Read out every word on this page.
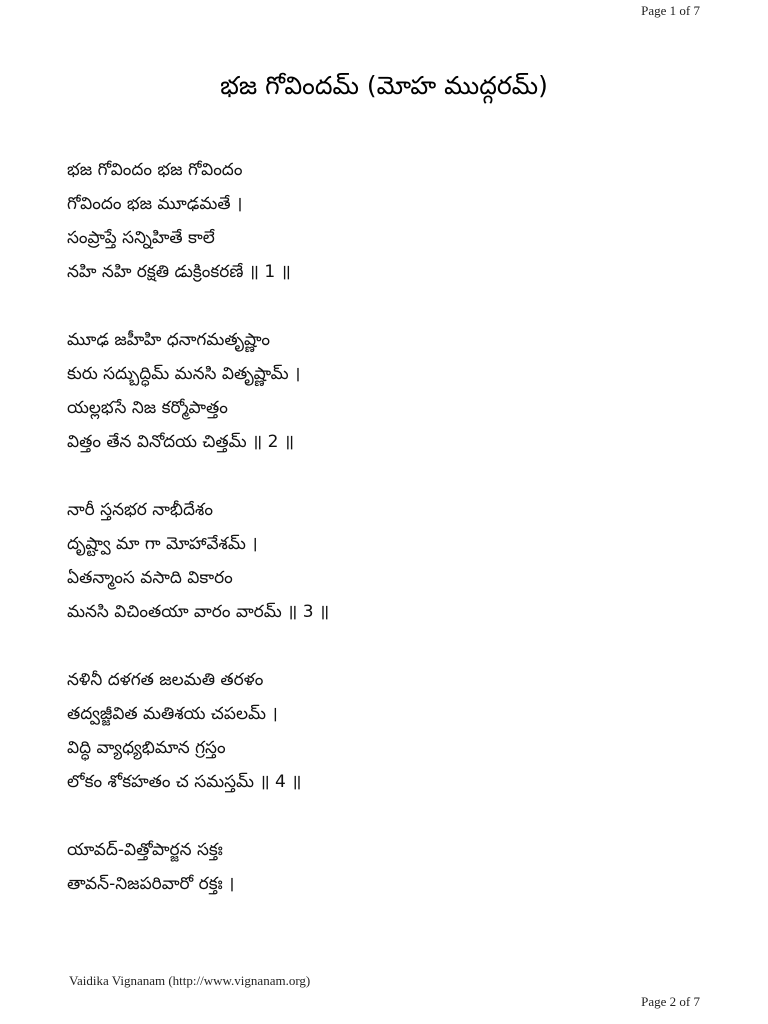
Page 1 of 7
భజ గోవిందమ్ (మోహ ముద్గరమ్)
భజ గోవిందం భజ గోవిందం
గోవిందం భజ మూఢమతే ।
సంప్రాప్తే సన్నిహితే కాలే
నహి నహి రక్షతి డుక్రింకరణే ॥ 1 ॥
మూఢ జహీహి ధనాగమతృష్ణాం
కురు సద్బుద్ధిమ్ మనసి వితృష్ణామ్ ।
యల్లభసే నిజ కర్మోపాత్తం
విత్తం తేన వినోదయ చిత్తమ్ ॥ 2 ॥
నారీ స్తనభర నాభీదేశం
దృష్ట్వా మా గా మోహావేశమ్ ।
ఏతన్మాంస వసాది వికారం
మనసి విచింతయా వారం వారమ్ ॥ 3 ॥
నళినీ దళగత జలమతి తరళం
తద్వజ్జీవిత మతిశయ చపలమ్ ।
విద్ధి వ్యాధ్యభిమాన గ్రస్తం
లోకం శోకహతం చ సమస్తమ్ ॥ 4 ॥
యావద్-విత్తోపార్జన సక్తః
తావన్-నిజపరివారో రక్తః ।
Vaidika Vignanam (http://www.vignanam.org)
Page 2 of 7
